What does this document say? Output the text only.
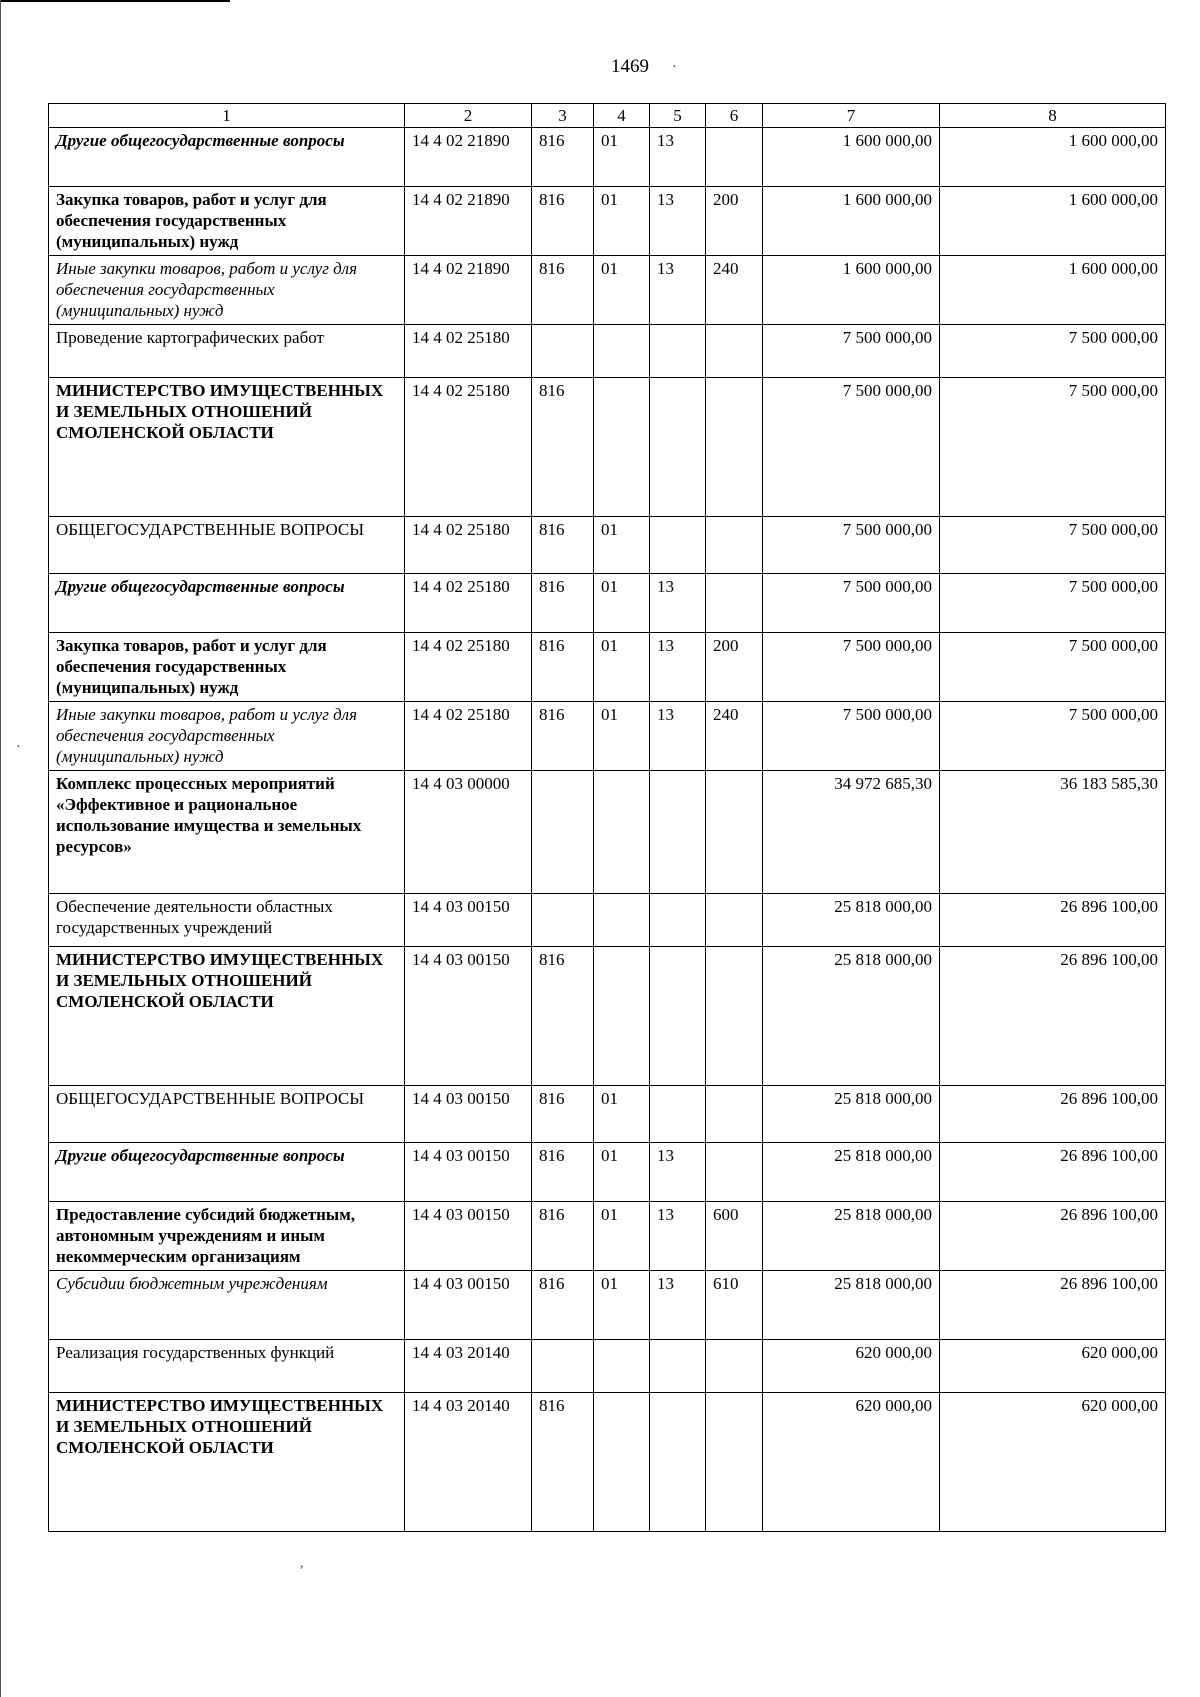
1469
1	2	3	4	5	6	7	8
Другие общегосударственные вопросы	14 4 02 21890	816	01	13		1 600 000,00	1 600 000,00
Закупка товаров, работ и услуг для обеспечения государственных (муниципальных) нужд	14 4 02 21890	816	01	13	200	1 600 000,00	1 600 000,00
Иные закупки товаров, работ и услуг для обеспечения государственных (муниципальных) нужд	14 4 02 21890	816	01	13	240	1 600 000,00	1 600 000,00
Проведение картографических работ	14 4 02 25180					7 500 000,00	7 500 000,00
МИНИСТЕРСТВО ИМУЩЕСТВЕННЫХ И ЗЕМЕЛЬНЫХ ОТНОШЕНИЙ СМОЛЕНСКОЙ ОБЛАСТИ	14 4 02 25180	816				7 500 000,00	7 500 000,00
ОБЩЕГОСУДАРСТВЕННЫЕ ВОПРОСЫ	14 4 02 25180	816	01			7 500 000,00	7 500 000,00
Другие общегосударственные вопросы	14 4 02 25180	816	01	13		7 500 000,00	7 500 000,00
Закупка товаров, работ и услуг для обеспечения государственных (муниципальных) нужд	14 4 02 25180	816	01	13	200	7 500 000,00	7 500 000,00
Иные закупки товаров, работ и услуг для обеспечения государственных (муниципальных) нужд	14 4 02 25180	816	01	13	240	7 500 000,00	7 500 000,00
Комплекс процессных мероприятий «Эффективное и рациональное использование имущества и земельных ресурсов»	14 4 03 00000					34 972 685,30	36 183 585,30
Обеспечение деятельности областных государственных учреждений	14 4 03 00150					25 818 000,00	26 896 100,00
МИНИСТЕРСТВО ИМУЩЕСТВЕННЫХ И ЗЕМЕЛЬНЫХ ОТНОШЕНИЙ СМОЛЕНСКОЙ ОБЛАСТИ	14 4 03 00150	816				25 818 000,00	26 896 100,00
ОБЩЕГОСУДАРСТВЕННЫЕ ВОПРОСЫ	14 4 03 00150	816	01			25 818 000,00	26 896 100,00
Другие общегосударственные вопросы	14 4 03 00150	816	01	13		25 818 000,00	26 896 100,00
Предоставление субсидий бюджетным, автономным учреждениям и иным некоммерческим организациям	14 4 03 00150	816	01	13	600	25 818 000,00	26 896 100,00
Субсидии бюджетным учреждениям	14 4 03 00150	816	01	13	610	25 818 000,00	26 896 100,00
Реализация государственных функций	14 4 03 20140					620 000,00	620 000,00
МИНИСТЕРСТВО ИМУЩЕСТВЕННЫХ И ЗЕМЕЛЬНЫХ ОТНОШЕНИЙ СМОЛЕНСКОЙ ОБЛАСТИ	14 4 03 20140	816				620 000,00	620 000,00
·
·
,
